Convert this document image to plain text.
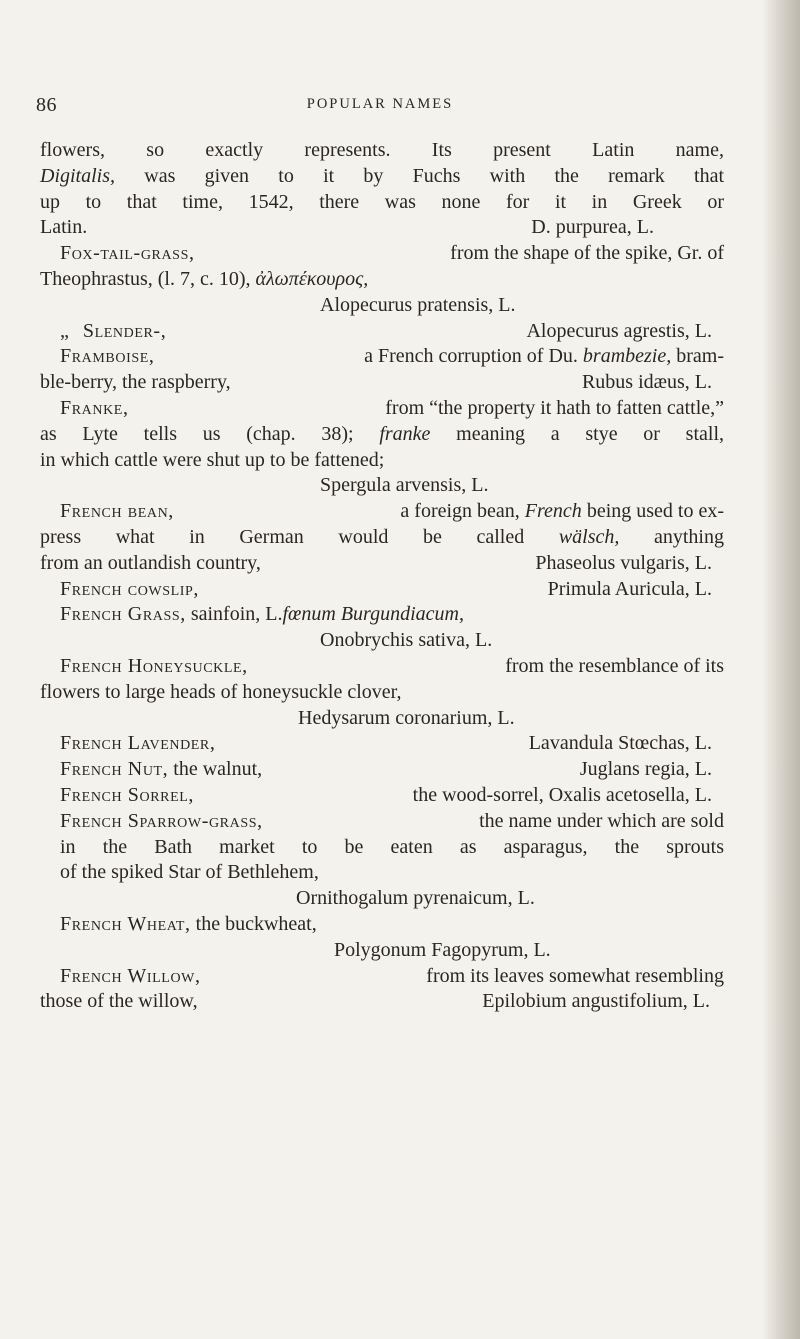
86	POPULAR NAMES
flowers, so exactly represents. Its present Latin name,
Digitalis, was given to it by Fuchs with the remark that
up to that time, 1542, there was none for it in Greek or
Latin.	D. purpurea, L.
Fox-tail-grass,	from the shape of the spike, Gr. of
Theophrastus, (l. 7, c. 10), ἀλωπέκουρος,
Alopecurus pratensis, L.
„ Slender-,	Alopecurus agrestis, L.
Framboise,	a French corruption of Du. brambezie, bram-
ble-berry, the raspberry,	Rubus idæus, L.
Franke,	from “the property it hath to fatten cattle,”
as Lyte tells us (chap. 38); franke meaning a stye or stall,
in which cattle were shut up to be fattened;
Spergula arvensis, L.
French bean,	a foreign bean, French being used to ex-
press what in German would be called wälsch, anything
from an outlandish country,	Phaseolus vulgaris, L.
French cowslip,	Primula Auricula, L.
French Grass, sainfoin, L.fœnum Burgundiacum,
Onobrychis sativa, L.
French Honeysuckle,	from the resemblance of its
flowers to large heads of honeysuckle clover,
Hedysarum coronarium, L.
French Lavender,	Lavandula Stœchas, L.
French Nut, the walnut,	Juglans regia, L.
French Sorrel,	the wood-sorrel, Oxalis acetosella, L.
French Sparrow-grass,	the name under which are sold
in the Bath market to be eaten as asparagus, the sprouts
of the spiked Star of Bethlehem,
Ornithogalum pyrenaicum, L.
French Wheat, the buckwheat,
Polygonum Fagopyrum, L.
French Willow,	from its leaves somewhat resembling
those of the willow,	Epilobium angustifolium, L.
